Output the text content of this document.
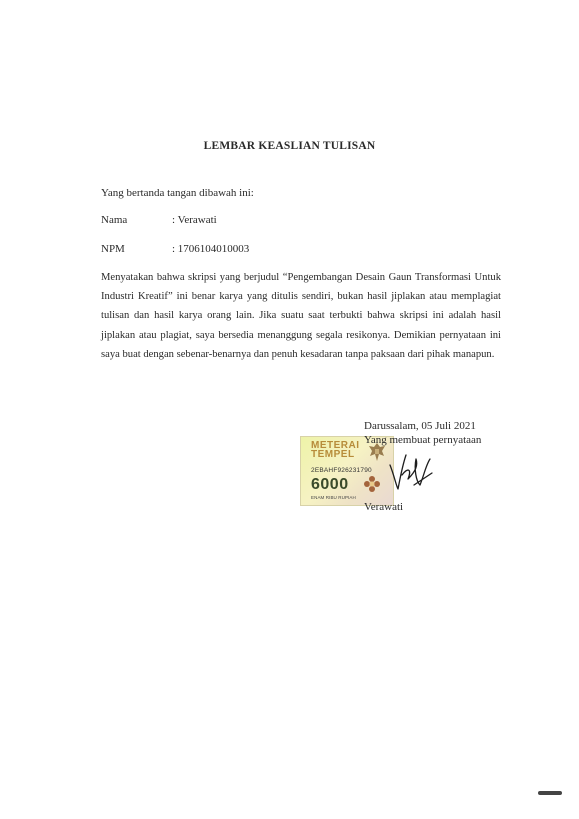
LEMBAR KEASLIAN TULISAN
Yang bertanda tangan dibawah ini:
Nama	: Verawati
NPM	: 1706104010003

Menyatakan bahwa skripsi yang berjudul “Pengembangan Desain Gaun Transformasi Untuk Industri Kreatif” ini benar karya yang ditulis sendiri, bukan hasil jiplakan atau memplagiat tulisan dan hasil karya orang lain. Jika suatu saat terbukti bahwa skripsi ini adalah hasil jiplakan atau plagiat, saya bersedia menanggung segala resikonya. Demikian pernyataan ini saya buat dengan sebenar-benarnya dan penuh kesadaran tanpa paksaan dari pihak manapun.

Darussalam, 05 Juli 2021
METERAI
TEMPEL
2EBAHF926231790
6000
ENAM RIBU RUPIAH
Yang membuat pernyataan
Verawati
